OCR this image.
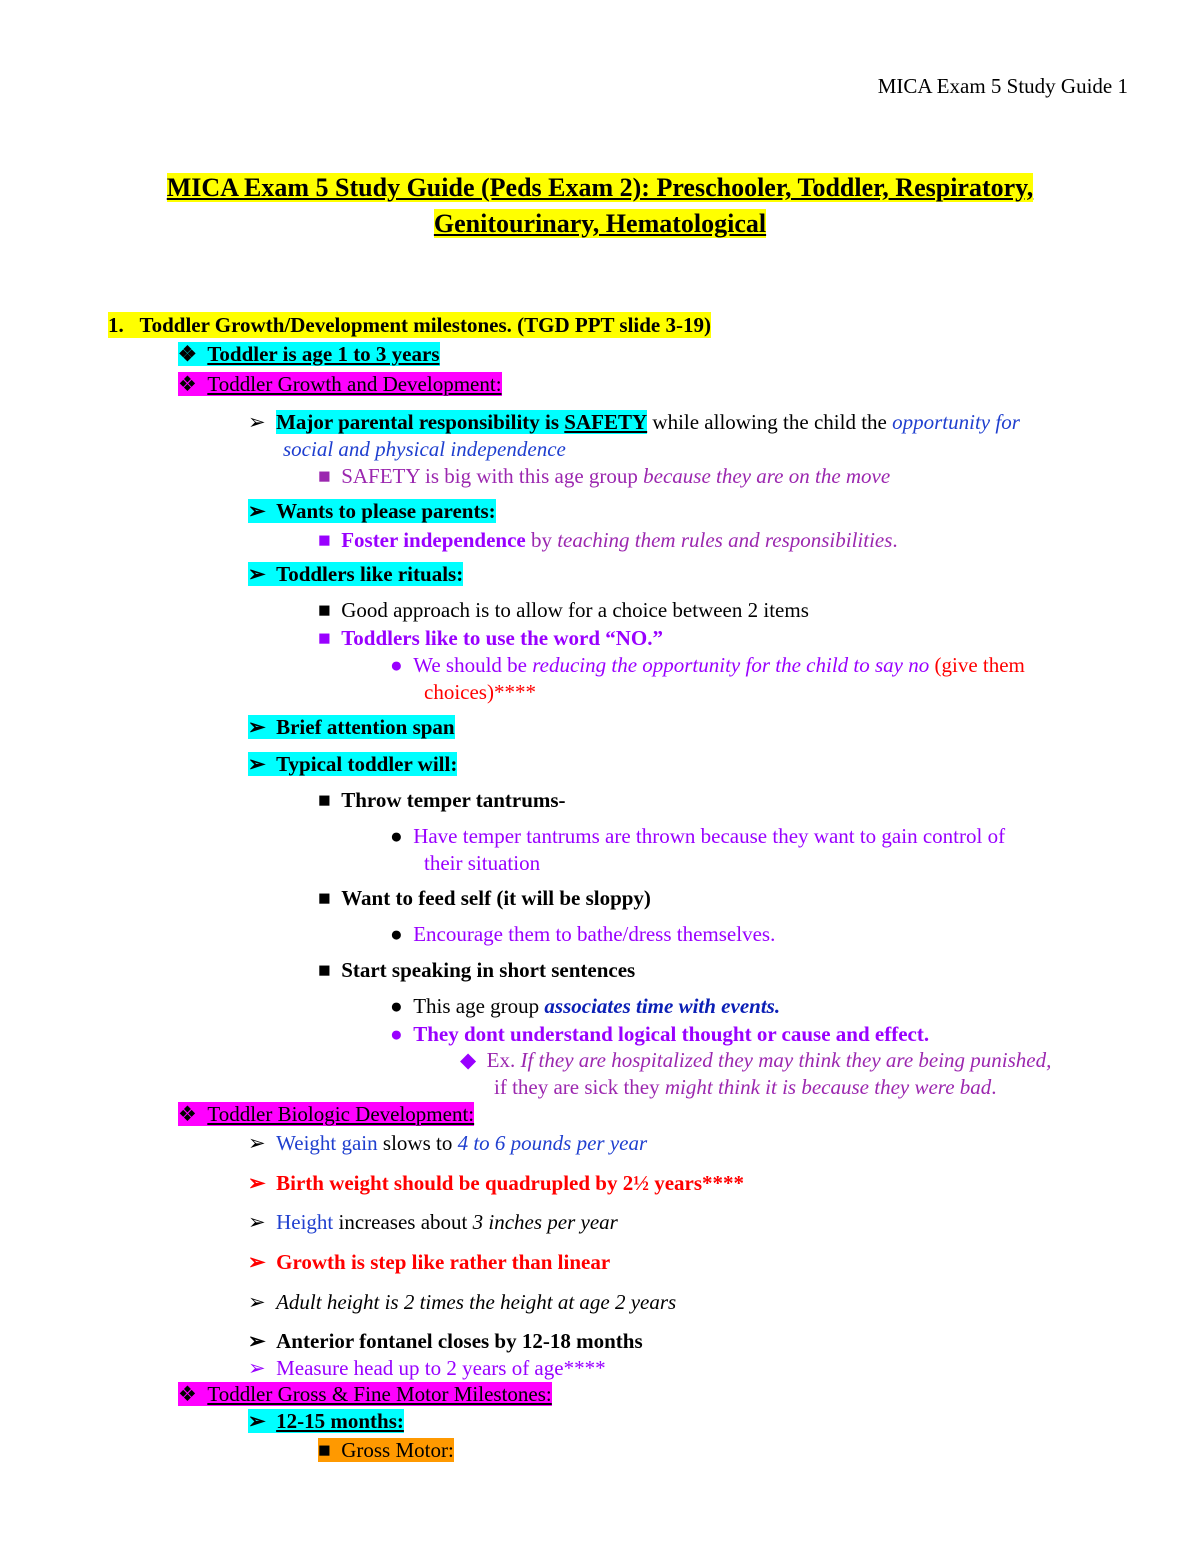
MICA Exam 5 Study Guide 1
MICA Exam 5 Study Guide (Peds Exam 2): Preschooler, Toddler, Respiratory,
Genitourinary, Hematological
1. Toddler Growth/Development milestones. (TGD PPT slide 3-19)
❖ Toddler is age 1 to 3 years
❖ Toddler Growth and Development:
➢ Major parental responsibility is SAFETY while allowing the child the opportunity for
social and physical independence
■ SAFETY is big with this age group because they are on the move
➢ Wants to please parents:
■ Foster independence by teaching them rules and responsibilities.
➢ Toddlers like rituals:
■ Good approach is to allow for a choice between 2 items
■ Toddlers like to use the word “NO.”
● We should be reducing the opportunity for the child to say no (give them
choices)****
➢ Brief attention span
➢ Typical toddler will:
■ Throw temper tantrums-
● Have temper tantrums are thrown because they want to gain control of
their situation
■ Want to feed self (it will be sloppy)
● Encourage them to bathe/dress themselves.
■ Start speaking in short sentences
● This age group associates time with events.
● They dont understand logical thought or cause and effect.
◆ Ex. If they are hospitalized they may think they are being punished,
if they are sick they might think it is because they were bad.
❖ Toddler Biologic Development:
➢ Weight gain slows to 4 to 6 pounds per year
➢ Birth weight should be quadrupled by 2½ years****
➢ Height increases about 3 inches per year
➢ Growth is step like rather than linear
➢ Adult height is 2 times the height at age 2 years
➢ Anterior fontanel closes by 12-18 months
➢ Measure head up to 2 years of age****
❖ Toddler Gross & Fine Motor Milestones:
➢ 12-15 months:
■ Gross Motor:
